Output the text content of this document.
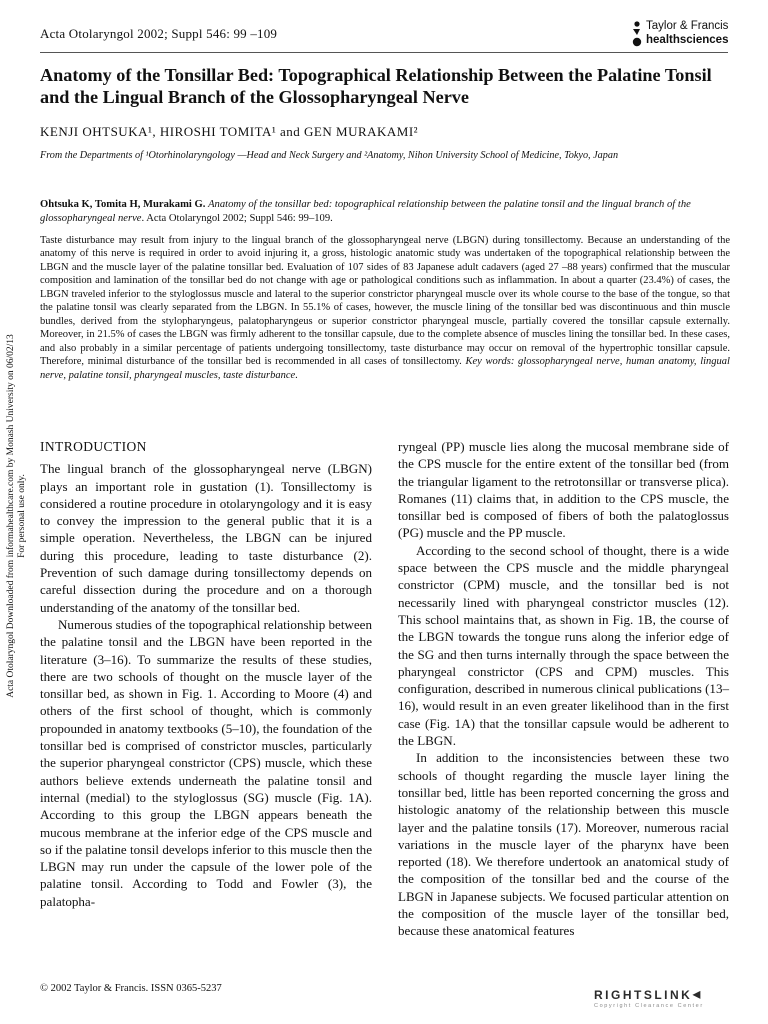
Acta Otolaryngol 2002; Suppl 546: 99 –109	Taylor & Francis
healthsciences
Anatomy of the Tonsillar Bed: Topographical Relationship Between the Palatine Tonsil and the Lingual Branch of the Glossopharyngeal Nerve
KENJI OHTSUKA¹, HIROSHI TOMITA¹ and GEN MURAKAMI²
From the Departments of ¹Otorhinolaryngology —Head and Neck Surgery and ²Anatomy, Nihon University School of Medicine, Tokyo, Japan
Ohtsuka K, Tomita H, Murakami G. Anatomy of the tonsillar bed: topographical relationship between the palatine tonsil and the lingual branch of the glossopharyngeal nerve. Acta Otolaryngol 2002; Suppl 546: 99–109.
Taste disturbance may result from injury to the lingual branch of the glossopharyngeal nerve (LBGN) during tonsillectomy. Because an understanding of the anatomy of this nerve is required in order to avoid injuring it, a gross, histologic anatomic study was undertaken of the topographical relationship between the LBGN and the muscle layer of the palatine tonsillar bed. Evaluation of 107 sides of 83 Japanese adult cadavers (aged 27 –88 years) confirmed that the muscular composition and lamination of the tonsillar bed do not change with age or pathological conditions such as inflammation. In about a quarter (23.4%) of cases, the LBGN traveled inferior to the styloglossus muscle and lateral to the superior constrictor pharyngeal muscle over its whole course to the base of the tongue, so that the palatine tonsil was clearly separated from the LBGN. In 55.1% of cases, however, the muscle lining of the tonsillar bed was discontinuous and thin muscle bundles, derived from the stylopharyngeus, palatopharyngeus or superior constrictor pharyngeal muscle, partially covered the tonsillar capsule externally. Moreover, in 21.5% of cases the LBGN was firmly adherent to the tonsillar capsule, due to the complete absence of muscles lining the tonsillar bed. In these cases, and also probably in a similar percentage of patients undergoing tonsillectomy, taste disturbance may occur on removal of the hypertrophic tonsillar capsule. Therefore, minimal disturbance of the tonsillar bed is recommended in all cases of tonsillectomy. Key words: glossopharyngeal nerve, human anatomy, lingual nerve, palatine tonsil, pharyngeal muscles, taste disturbance.
INTRODUCTION

The lingual branch of the glossopharyngeal nerve (LBGN) plays an important role in gustation (1). Tonsillectomy is considered a routine procedure in otolaryngology and it is easy to convey the impression to the general public that it is a simple operation. Nevertheless, the LBGN can be injured during this procedure, leading to taste disturbance (2). Prevention of such damage during tonsillectomy depends on careful dissection during the procedure and on a thorough understanding of the anatomy of the tonsillar bed.

Numerous studies of the topographical relationship between the palatine tonsil and the LBGN have been reported in the literature (3–16). To summarize the results of these studies, there are two schools of thought on the muscle layer of the tonsillar bed, as shown in Fig. 1. According to Moore (4) and others of the first school of thought, which is commonly propounded in anatomy textbooks (5–10), the foundation of the tonsillar bed is comprised of constrictor muscles, particularly the superior pharyngeal constrictor (CPS) muscle, which these authors believe extends underneath the palatine tonsil and internal (medial) to the styloglossus (SG) muscle (Fig. 1A). According to this group the LBGN appears beneath the mucous membrane at the inferior edge of the CPS muscle and so if the palatine tonsil develops inferior to this muscle then the LBGN may run under the capsule of the lower pole of the palatine tonsil. According to Todd and Fowler (3), the palatopha-

ryngeal (PP) muscle lies along the mucosal membrane side of the CPS muscle for the entire extent of the tonsillar bed (from the triangular ligament to the retrotonsillar or transverse plica). Romanes (11) claims that, in addition to the CPS muscle, the tonsillar bed is composed of fibers of both the palatoglossus (PG) muscle and the PP muscle.

According to the second school of thought, there is a wide space between the CPS muscle and the middle pharyngeal constrictor (CPM) muscle, and the tonsillar bed is not necessarily lined with pharyngeal constrictor muscles (12). This school maintains that, as shown in Fig. 1B, the course of the LBGN towards the tongue runs along the inferior edge of the SG and then turns internally through the space between the pharyngeal constrictor (CPS and CPM) muscles. This configuration, described in numerous clinical publications (13–16), would result in an even greater likelihood than in the first case (Fig. 1A) that the tonsillar capsule would be adherent to the LBGN.

In addition to the inconsistencies between these two schools of thought regarding the muscle layer lining the tonsillar bed, little has been reported concerning the gross and histologic anatomy of the relationship between this muscle layer and the palatine tonsils (17). Moreover, numerous racial variations in the muscle layer of the pharynx have been reported (18). We therefore undertook an anatomical study of the composition of the tonsillar bed and the course of the LBGN in Japanese subjects. We focused particular attention on the composition of the muscle layer of the tonsillar bed, because these anatomical features

Acta Otolaryngol Downloaded from informahealthcare.com by Monash University on 06/02/13 For personal use only.
© 2002 Taylor & Francis. ISSN 0365-5237	RIGHTSLINK◂
Copyright Clearance Center
